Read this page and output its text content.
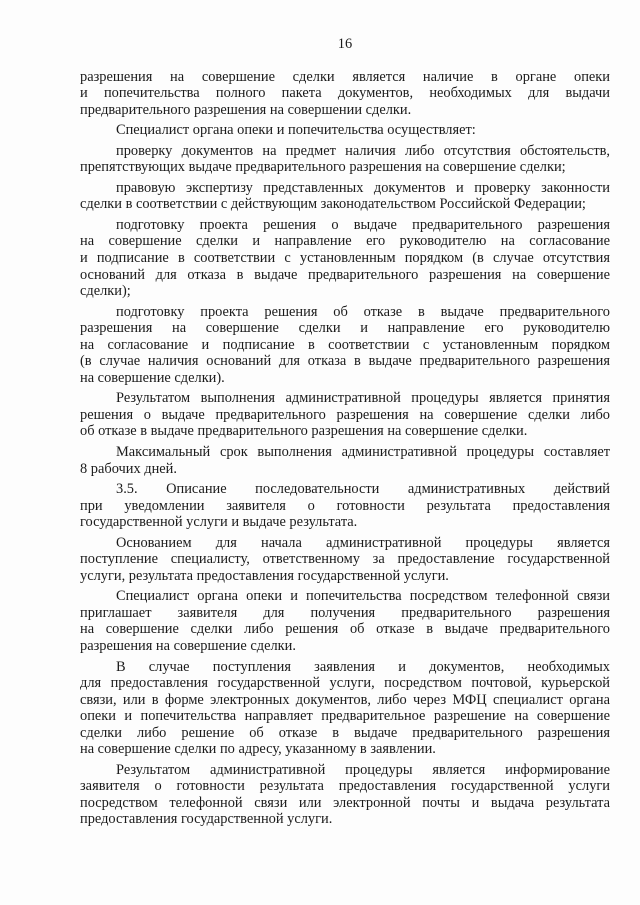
16
разрешения на совершение сделки является наличие в органе опеки
и попечительства полного пакета документов, необходимых для выдачи
предварительного разрешения на совершении сделки.
Специалист органа опеки и попечительства осуществляет:
проверку документов на предмет наличия либо отсутствия обстоятельств,
препятствующих выдаче предварительного разрешения на совершение сделки;
правовую экспертизу представленных документов и проверку законности
сделки в соответствии с действующим законодательством Российской Федерации;
подготовку проекта решения о выдаче предварительного разрешения
на совершение сделки и направление его руководителю на согласование
и подписание в соответствии с установленным порядком (в случае отсутствия
оснований для отказа в выдаче предварительного разрешения на совершение
сделки);
подготовку проекта решения об отказе в выдаче предварительного
разрешения на совершение сделки и направление его руководителю
на согласование и подписание в соответствии с установленным порядком
(в случае наличия оснований для отказа в выдаче предварительного разрешения
на совершение сделки).
Результатом выполнения административной процедуры является принятия
решения о выдаче предварительного разрешения на совершение сделки либо
об отказе в выдаче предварительного разрешения на совершение сделки.
Максимальный срок выполнения административной процедуры составляет
8 рабочих дней.
3.5. Описание последовательности административных действий
при уведомлении заявителя о готовности результата предоставления
государственной услуги и выдаче результата.
Основанием для начала административной процедуры является
поступление специалисту, ответственному за предоставление государственной
услуги, результата предоставления государственной услуги.
Специалист органа опеки и попечительства посредством телефонной связи
приглашает заявителя для получения предварительного разрешения
на совершение сделки либо решения об отказе в выдаче предварительного
разрешения на совершение сделки.
В случае поступления заявления и документов, необходимых
для предоставления государственной услуги, посредством почтовой, курьерской
связи, или в форме электронных документов, либо через МФЦ специалист органа
опеки и попечительства направляет предварительное разрешение на совершение
сделки либо решение об отказе в выдаче предварительного разрешения
на совершение сделки по адресу, указанному в заявлении.
Результатом административной процедуры является информирование
заявителя о готовности результата предоставления государственной услуги
посредством телефонной связи или электронной почты и выдача результата
предоставления государственной услуги.
